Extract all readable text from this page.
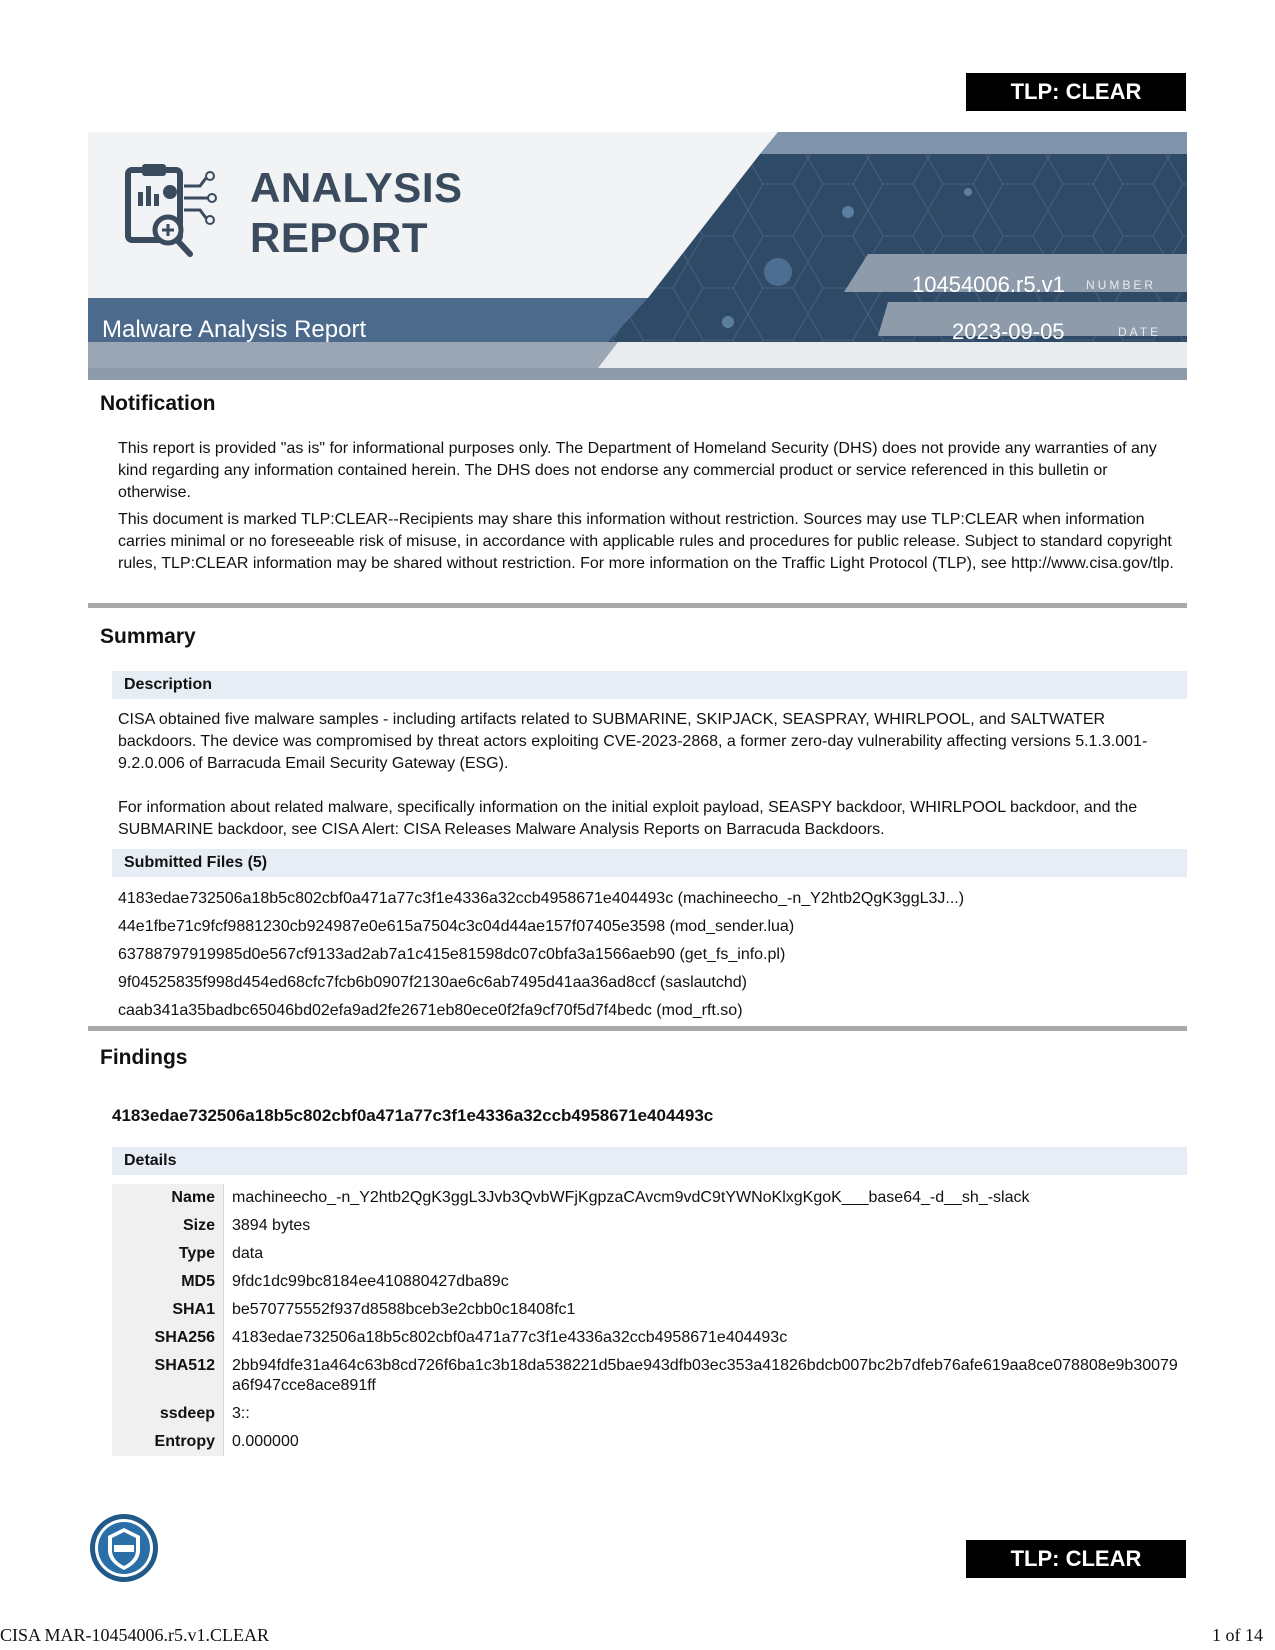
TLP: CLEAR
ANALYSIS
REPORT
10454006.r5.v1 NUMBER
2023-09-05	DATE
Malware Analysis Report
Notification

This report is provided "as is" for informational purposes only. The Department of Homeland Security (DHS) does not provide any warranties of any kind regarding any information contained herein. The DHS does not endorse any commercial product or service referenced in this bulletin or otherwise.

This document is marked TLP:CLEAR--Recipients may share this information without restriction. Sources may use TLP:CLEAR when information carries minimal or no foreseeable risk of misuse, in accordance with applicable rules and procedures for public release. Subject to standard copyright rules, TLP:CLEAR information may be shared without restriction. For more information on the Traffic Light Protocol (TLP), see http://www.cisa.gov/tlp.

Summary
Description

CISA obtained five malware samples - including artifacts related to SUBMARINE, SKIPJACK, SEASPRAY, WHIRLPOOL, and SALTWATER backdoors. The device was compromised by threat actors exploiting CVE-2023-2868, a former zero-day vulnerability affecting versions 5.1.3.001-9.2.0.006 of Barracuda Email Security Gateway (ESG).

For information about related malware, specifically information on the initial exploit payload, SEASPY backdoor, WHIRLPOOL backdoor, and the SUBMARINE backdoor, see CISA Alert: CISA Releases Malware Analysis Reports on Barracuda Backdoors.

Submitted Files (5)
4183edae732506a18b5c802cbf0a471a77c3f1e4336a32ccb4958671e404493c (machineecho_-n_Y2htb2QgK3ggL3J...)
44e1fbe71c9fcf9881230cb924987e0e615a7504c3c04d44ae157f07405e3598 (mod_sender.lua)
63788797919985d0e567cf9133ad2ab7a1c415e81598dc07c0bfa3a1566aeb90 (get_fs_info.pl)
9f04525835f998d454ed68cfc7fcb6b0907f2130ae6c6ab7495d41aa36ad8ccf (saslautchd)
caab341a35badbc65046bd02efa9ad2fe2671eb80ece0f2fa9cf70f5d7f4bedc (mod_rft.so)
Findings
4183edae732506a18b5c802cbf0a471a77c3f1e4336a32ccb4958671e404493c
Details
Name	machineecho_-n_Y2htb2QgK3ggL3Jvb3QvbWFjKgpzaCAvcm9vdC9tYWNoKlxgKgoK___base64_-d__sh_-slack
Size	3894 bytes
Type	data
MD5	9fdc1dc99bc8184ee410880427dba89c
SHA1	be570775552f937d8588bceb3e2cbb0c18408fc1
SHA256	4183edae732506a18b5c802cbf0a471a77c3f1e4336a32ccb4958671e404493c
SHA512	2bb94fdfe31a464c63b8cd726f6ba1c3b18da538221d5bae943dfb03ec353a41826bdcb007bc2b7dfeb76afe619aa8ce078808e9b30079a6f947cce8ace891ff
ssdeep	3::
Entropy	0.000000
TLP: CLEAR
CISA MAR-10454006.r5.v1.CLEAR	1 of 14
